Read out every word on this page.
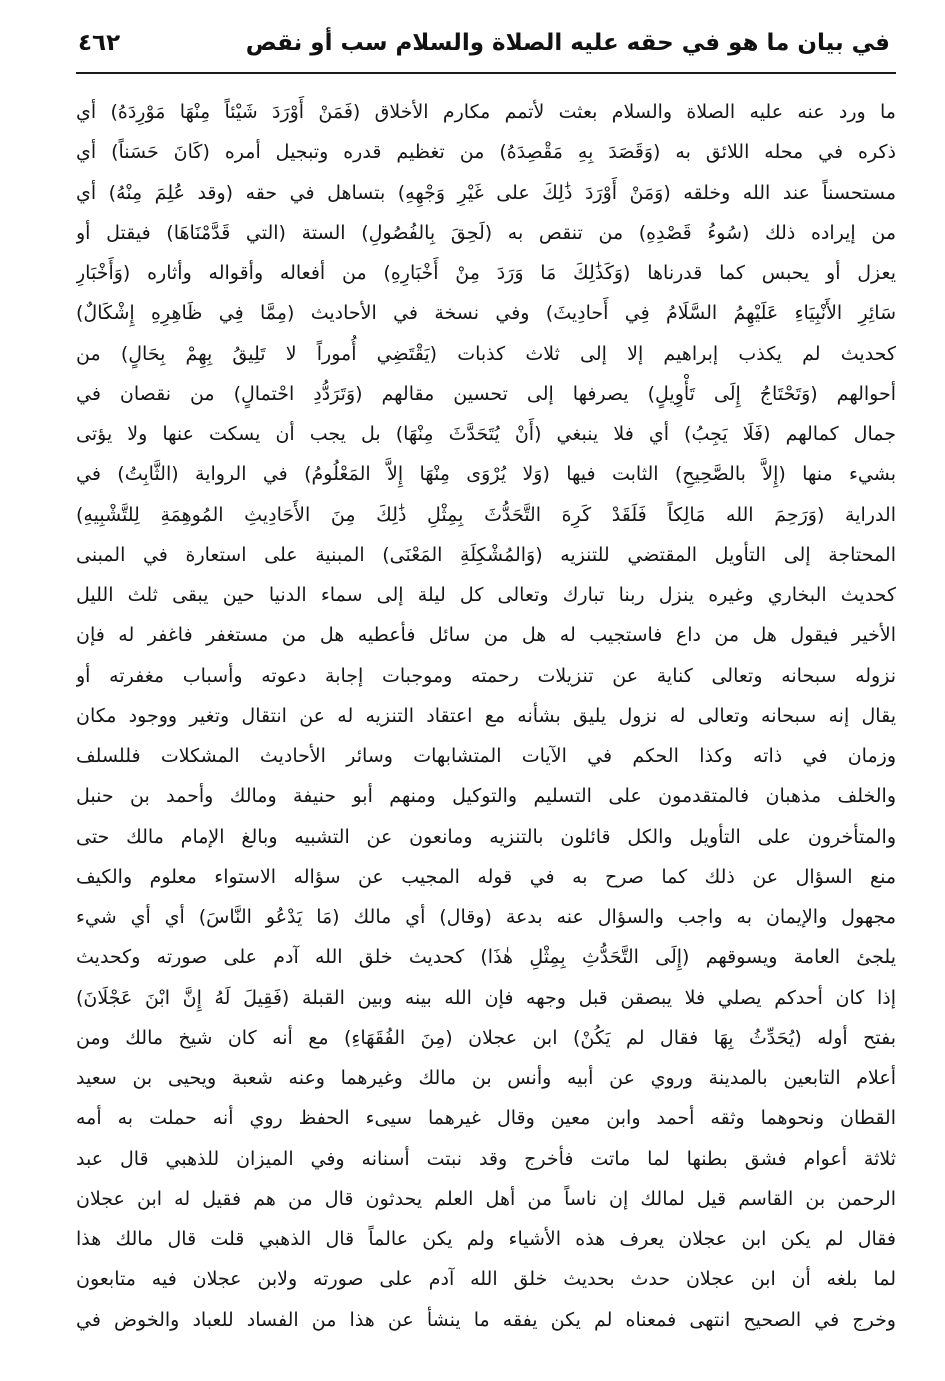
في بيان ما هو في حقه عليه الصلاة والسلام سب أو نقص
٤٦٢
ما ورد عنه عليه الصلاة والسلام بعثت لأتمم مكارم الأخلاق (فَمَنْ أَوْرَدَ شَيْئاً مِنْهَا مَوْرِدَهُ) أي
ذكره في محله اللائق به (وَقَصَدَ بِهِ مَقْصِدَهُ) من تغظيم قدره وتبجيل أمره (كَانَ حَسَناً) أي
مستحسناً عند الله وخلقه (وَمَنْ أَوْرَدَ ذَٰلِكَ على غَيْرِ وَجْهِهِ) بتساهل في حقه (وقد عُلِمَ مِنْهُ) أي
من إيراده ذلك (سُوءُ قَصْدِهِ) من تنقص به (لَحِقَ بِالفُصُولِ) الستة (التي قَدَّمْنَاهَا) فيقتل أو
يعزل أو يحبس كما قدرناها (وَكَذَٰلِكَ مَا وَرَدَ مِنْ أَخْبَارِهِ) من أفعاله وأقواله وأثاره (وَأَخْبَارِ
سَائِرِ الأَنْبِيَاءِ عَلَيْهِمُ السَّلَامُ فِي أَحادِيثَ) وفي نسخة في الأحاديث (مِمَّا فِي ظَاهِرِهِ إِشْكَالٌ)
كحديث لم يكذب إبراهيم إلا إلى ثلاث كذبات (يَقْتَضِي أُموراً لا تَلِيقُ بِهِمْ بِحَالٍ) من
أحوالهم (وَتَحْتَاجُ إِلَى تَأْوِيلٍ) يصرفها إلى تحسين مقالهم (وَتَرَدُّدِ احْتمالٍ) من نقصان في
جمال كمالهم (فَلَا يَجِبُ) أي فلا ينبغي (أَنْ يُتَحَدَّثَ مِنْهَا) بل يجب أن يسكت عنها ولا يؤتى
بشيء منها (إِلاَّ بالصَّحِيحِ) الثابت فيها (وَلا يُرْوَى مِنْهَا إِلاَّ المَعْلُومُ) في الرواية (الثَّابِتُ) في
الدراية (وَرَحِمَ الله مَالِكاً فَلَقَدْ كَرِهَ التَّحَدُّثَ بِمِثْلِ ذَٰلِكَ مِنَ الأَحَادِيثِ المُوهِمَةِ لِلتَّشْبِيهِ)
المحتاجة إلى التأويل المقتضي للتنزيه (وَالمُشْكِلَةِ المَعْنَى) المبنية على استعارة في المبنى
كحديث البخاري وغيره ينزل ربنا تبارك وتعالى كل ليلة إلى سماء الدنيا حين يبقى ثلث الليل
الأخير فيقول هل من داع فاستجيب له هل من سائل فأعطيه هل من مستغفر فاغفر له فإن
نزوله سبحانه وتعالى كناية عن تنزيلات رحمته وموجبات إجابة دعوته وأسباب مغفرته أو
يقال إنه سبحانه وتعالى له نزول يليق بشأنه مع اعتقاد التنزيه له عن انتقال وتغير ووجود مكان
وزمان في ذاته وكذا الحكم في الآيات المتشابهات وسائر الأحاديث المشكلات فللسلف
والخلف مذهبان فالمتقدمون على التسليم والتوكيل ومنهم أبو حنيفة ومالك وأحمد بن حنبل
والمتأخرون على التأويل والكل قائلون بالتنزيه ومانعون عن التشبيه وبالغ الإمام مالك حتى
منع السؤال عن ذلك كما صرح به في قوله المجيب عن سؤاله الاستواء معلوم والكيف
مجهول والإيمان به واجب والسؤال عنه بدعة (وقال) أي مالك (مَا يَدْعُو النَّاسَ) أي أي شيء
يلجئ العامة ويسوقهم (إِلَى التَّحَدُّثِ بِمِثْلِ هٰذَا) كحديث خلق الله آدم على صورته وكحديث
إذا كان أحدكم يصلي فلا يبصقن قبل وجهه فإن الله بينه وبين القبلة (فَقِيلَ لَهُ إِنَّ ابْنَ عَجْلَانَ)
بفتح أوله (يُحَدِّثُ بِهَا فقال لم يَكُنْ) ابن عجلان (مِنَ الفُقَهَاءِ) مع أنه كان شيخ مالك ومن
أعلام التابعين بالمدينة وروي عن أبيه وأنس بن مالك وغيرهما وعنه شعبة ويحيى بن سعيد
القطان ونحوهما وثقه أحمد وابن معين وقال غيرهما سيىء الحفظ روي أنه حملت به أمه
ثلاثة أعوام فشق بطنها لما ماتت فأخرج وقد نبتت أسنانه وفي الميزان للذهبي قال عبد
الرحمن بن القاسم قيل لمالك إن ناساً من أهل العلم يحدثون قال من هم فقيل له ابن عجلان
فقال لم يكن ابن عجلان يعرف هذه الأشياء ولم يكن عالماً قال الذهبي قلت قال مالك هذا
لما بلغه أن ابن عجلان حدث بحديث خلق الله آدم على صورته ولابن عجلان فيه متابعون
وخرج في الصحيح انتهى فمعناه لم يكن يفقه ما ينشأ عن هذا من الفساد للعباد والخوض في
